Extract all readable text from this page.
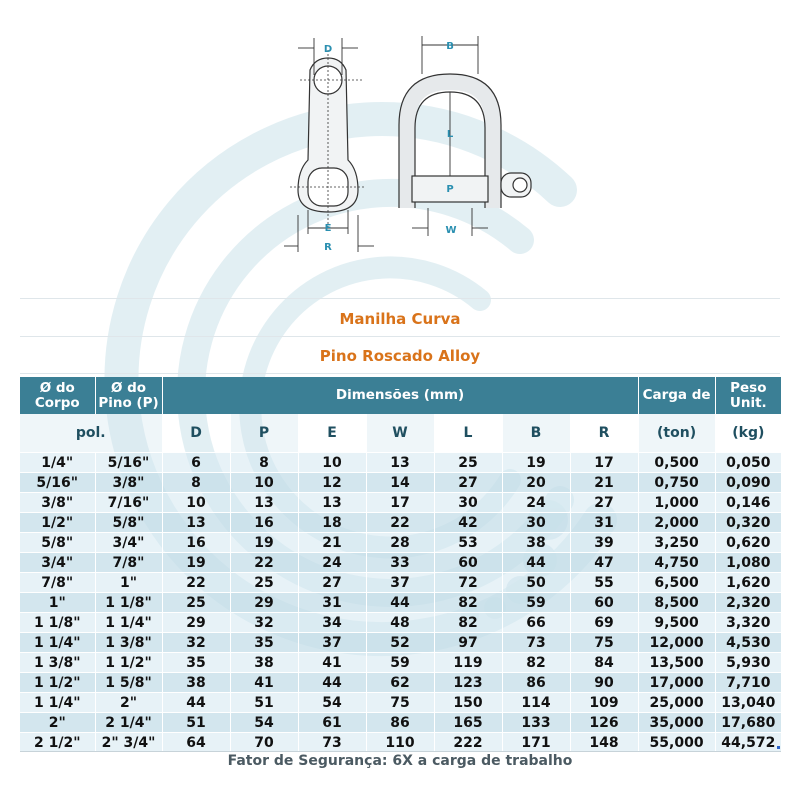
D
E
R
B
L
P
W
Manilha Curva
Pino Roscado Alloy
Ø do Corpo	Ø do Pino (P)	Dimensões (mm)							Carga de	Peso Unit.
pol.		D	P	E	W	L	B	R	(ton)	(kg)
1/4"	5/16"	6	8	10	13	25	19	17	0,500	0,050
5/16"	3/8"	8	10	12	14	27	20	21	0,750	0,090
3/8"	7/16"	10	13	13	17	30	24	27	1,000	0,146
1/2"	5/8"	13	16	18	22	42	30	31	2,000	0,320
5/8"	3/4"	16	19	21	28	53	38	39	3,250	0,620
3/4"	7/8"	19	22	24	33	60	44	47	4,750	1,080
7/8"	1"	22	25	27	37	72	50	55	6,500	1,620
1"	1 1/8"	25	29	31	44	82	59	60	8,500	2,320
1 1/8"	1 1/4"	29	32	34	48	82	66	69	9,500	3,320
1 1/4"	1 3/8"	32	35	37	52	97	73	75	12,000	4,530
1 3/8"	1 1/2"	35	38	41	59	119	82	84	13,500	5,930
1 1/2"	1 5/8"	38	41	44	62	123	86	90	17,000	7,710
1 1/4"	2"	44	51	54	75	150	114	109	25,000	13,040
2"	2 1/4"	51	54	61	86	165	133	126	35,000	17,680
2 1/2"	2" 3/4"	64	70	73	110	222	171	148	55,000	44,572
Fator de Segurança: 6X a carga de trabalho
